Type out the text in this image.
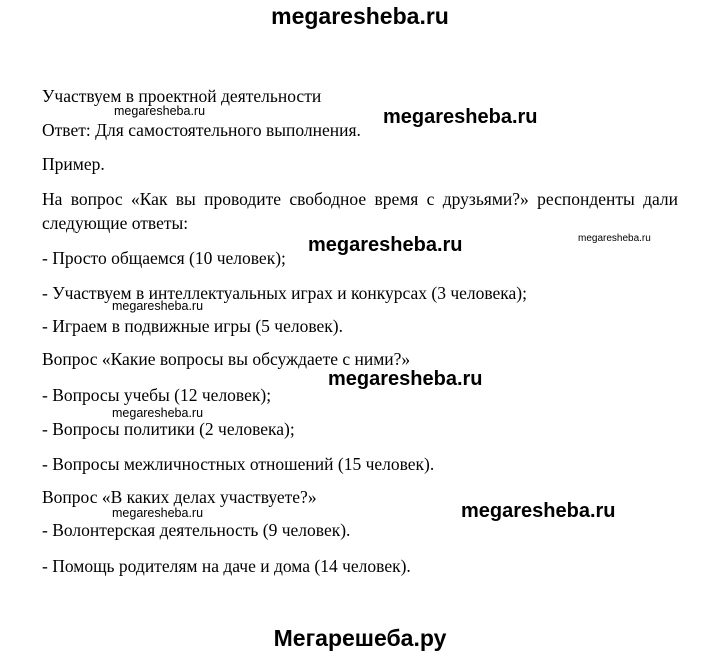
megaresheba.ru
Участвуем в проектной деятельности
Ответ: Для самостоятельного выполнения.
Пример.
На вопрос «Как вы проводите свободное время с друзьями?» респонденты дали следующие ответы:
- Просто общаемся (10 человек);
- Участвуем в интеллектуальных играх и конкурсах (3 человека);
- Играем в подвижные игры (5 человек).
Вопрос «Какие вопросы вы обсуждаете с ними?»
- Вопросы учебы (12 человек);
- Вопросы политики (2 человека);
- Вопросы межличностных отношений (15 человек).
Вопрос «В каких делах участвуете?»
- Волонтерская деятельность (9 человек).
- Помощь родителям на даче и дома (14 человек).
megaresheba.ru	megaresheba.ru
megaresheba.ru	megaresheba.ru
megaresheba.ru
megaresheba.ru
megaresheba.ru
megaresheba.ru
megaresheba.ru
Мегарешеба.ру
